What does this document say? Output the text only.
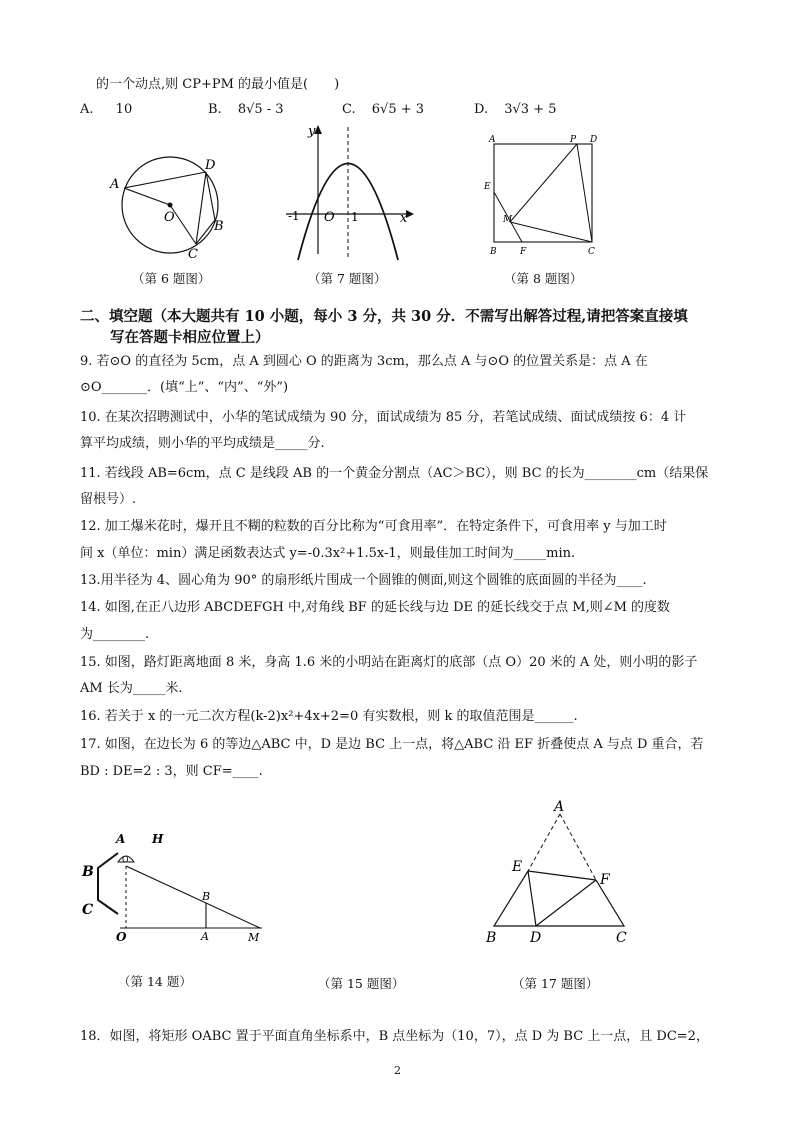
的一个动点,则 CP+PM 的最小值是(　　)
A. 10	B. 8√5 - 3	C. 6√5 + 3	D. 3√3 + 5
A
D
O
B
C
（第 6 题图）
y
-1 O 1	x
（第 7 题图）
A	P D
E
M
B	F	C
（第 8 题图）
二、填空题（本大题共有 10 小题，每小 3 分，共 30 分．不需写出解答过程,请把答案直接填
写在答题卡相应位置上）
9. 若⊙O 的直径为 5cm，点 A 到圆心 O 的距离为 3cm，那么点 A 与⊙O 的位置关系是：点 A 在
⊙O_______．(填“上”、“内”、“外”)
10. 在某次招聘测试中，小华的笔试成绩为 90 分，面试成绩为 85 分，若笔试成绩、面试成绩按 6：4 计
算平均成绩，则小华的平均成绩是_____分.
11. 若线段 AB=6cm，点 C 是线段 AB 的一个黄金分割点（AC＞BC），则 BC 的长为________cm（结果保
留根号）.
12. 加工爆米花时，爆开且不糊的粒数的百分比称为“可食用率”．在特定条件下，可食用率 y 与加工时
间 x（单位：min）满足函数表达式 y=-0.3x²+1.5x-1，则最佳加工时间为_____min.
13.用半径为 4、圆心角为 90° 的扇形纸片围成一个圆锥的侧面,则这个圆锥的底面圆的半径为____.
14. 如图,在正八边形 ABCDEFGH 中,对角线 BF 的延长线与边 DE 的延长线交于点 M,则∠M 的度数
为________.
15. 如图，路灯距离地面 8 米，身高 1.6 米的小明站在距离灯的底部（点 O）20 米的 A 处，则小明的影子
AM 长为_____米.
16. 若关于 x 的一元二次方程(k-2)x²+4x+2=0 有实数根，则 k 的取值范围是______.
17. 如图，在边长为 6 的等边△ABC 中，D 是边 BC 上一点，将△ABC 沿 EF 折叠使点 A 与点 D 重合，若
BD : DE=2 : 3，则 CF=____.
A H
B
C
（第 14 题）
O
B
O	A	M
（第 15 题图）
A
E
F
B D	C
（第 17 题图）
18．如图，将矩形 OABC 置于平面直角坐标系中，B 点坐标为（10，7），点 D 为 BC 上一点，且 DC=2，
2
